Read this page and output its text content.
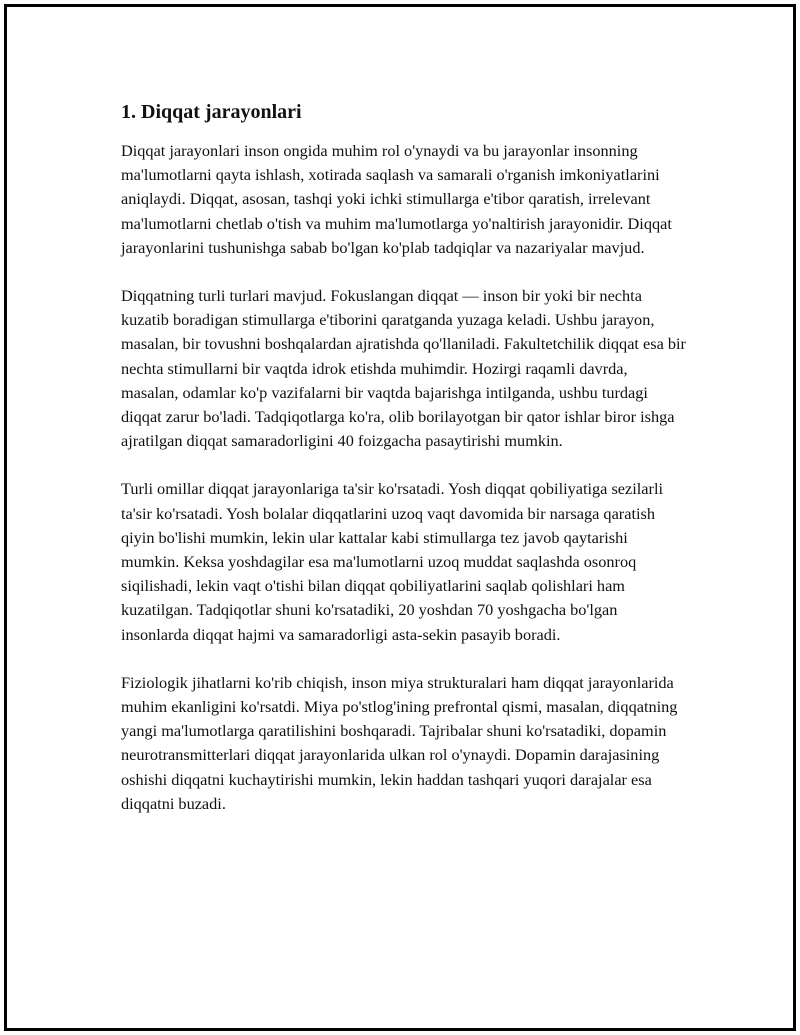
1. Diqqat jarayonlari

Diqqat jarayonlari inson ongida muhim rol o'ynaydi va bu jarayonlar insonning ma'lumotlarni qayta ishlash, xotirada saqlash va samarali o'rganish imkoniyatlarini aniqlaydi. Diqqat, asosan, tashqi yoki ichki stimullarga e'tibor qaratish, irrelevant ma'lumotlarni chetlab o'tish va muhim ma'lumotlarga yo'naltirish jarayonidir. Diqqat jarayonlarini tushunishga sabab bo'lgan ko'plab tadqiqlar va nazariyalar mavjud.

Diqqatning turli turlari mavjud. Fokuslangan diqqat — inson bir yoki bir nechta kuzatib boradigan stimullarga e'tiborini qaratganda yuzaga keladi. Ushbu jarayon, masalan, bir tovushni boshqalardan ajratishda qo'llaniladi. Fakultetchilik diqqat esa bir nechta stimullarni bir vaqtda idrok etishda muhimdir. Hozirgi raqamli davrda, masalan, odamlar ko'p vazifalarni bir vaqtda bajarishga intilganda, ushbu turdagi diqqat zarur bo'ladi. Tadqiqotlarga ko'ra, olib borilayotgan bir qator ishlar biror ishga ajratilgan diqqat samaradorligini 40 foizgacha pasaytirishi mumkin.

Turli omillar diqqat jarayonlariga ta'sir ko'rsatadi. Yosh diqqat qobiliyatiga sezilarli ta'sir ko'rsatadi. Yosh bolalar diqqatlarini uzoq vaqt davomida bir narsaga qaratish qiyin bo'lishi mumkin, lekin ular kattalar kabi stimullarga tez javob qaytarishi mumkin. Keksa yoshdagilar esa ma'lumotlarni uzoq muddat saqlashda osonroq siqilishadi, lekin vaqt o'tishi bilan diqqat qobiliyatlarini saqlab qolishlari ham kuzatilgan. Tadqiqotlar shuni ko'rsatadiki, 20 yoshdan 70 yoshgacha bo'lgan insonlarda diqqat hajmi va samaradorligi asta-sekin pasayib boradi.

Fiziologik jihatlarni ko'rib chiqish, inson miya strukturalari ham diqqat jarayonlarida muhim ekanligini ko'rsatdi. Miya po'stlog'ining prefrontal qismi, masalan, diqqatning yangi ma'lumotlarga qaratilishini boshqaradi. Tajribalar shuni ko'rsatadiki, dopamin neurotransmitterlari diqqat jarayonlarida ulkan rol o'ynaydi. Dopamin darajasining oshishi diqqatni kuchaytirishi mumkin, lekin haddan tashqari yuqori darajalar esa diqqatni buzadi.
